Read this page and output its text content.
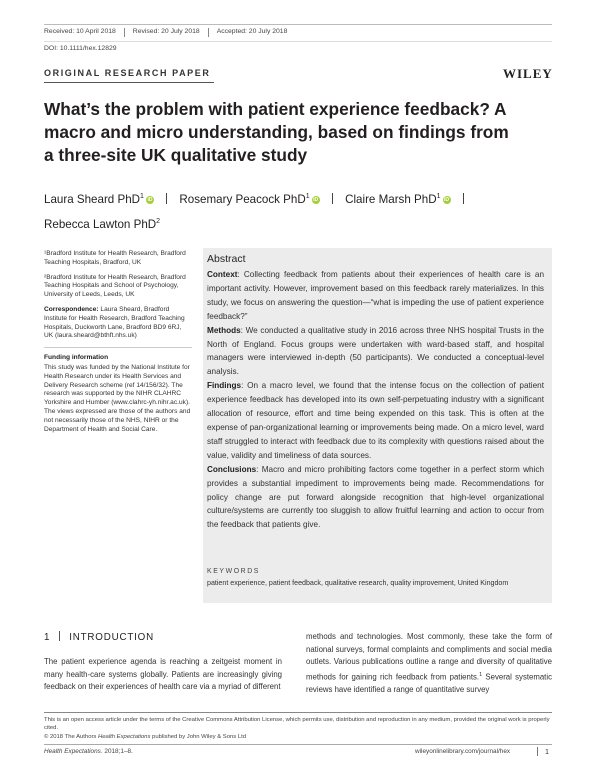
Received: 10 April 2018	Revised: 20 July 2018	Accepted: 20 July 2018
DOI: 10.1111/hex.12829
ORIGINAL RESEARCH PAPER	WILEY
What’s the problem with patient experience feedback? A macro and micro understanding, based on findings from a three-site UK qualitative study
Laura Sheard PhD$^1$ iD Rosemary Peacock PhD$^1$ iD Claire Marsh PhD$^1$ iD
Rebecca Lawton PhD$^2$

¹Bradford Institute for Health Research, Bradford Teaching Hospitals, Bradford, UK

²Bradford Institute for Health Research, Bradford Teaching Hospitals and School of Psychology, University of Leeds, Leeds, UK

Correspondence: Laura Sheard, Bradford Institute for Health Research, Bradford Teaching Hospitals, Duckworth Lane, Bradford BD9 6RJ, UK (laura.sheard@bthft.nhs.uk)

Funding information

This study was funded by the National Institute for Health Research under its Health Services and Delivery Research scheme (ref 14/156/32). The research was supported by the NIHR CLAHRC Yorkshire and Humber (www.clahrc-yh.nihr.ac.uk). The views expressed are those of the authors and not necessarily those of the NHS, NIHR or the Department of Health and Social Care.

Abstract

Context: Collecting feedback from patients about their experiences of health care is an important activity. However, improvement based on this feedback rarely materializes. In this study, we focus on answering the question—“what is impeding the use of patient experience feedback?”

Methods: We conducted a qualitative study in 2016 across three NHS hospital Trusts in the North of England. Focus groups were undertaken with ward-based staff, and hospital managers were interviewed in-depth (50 participants). We conducted a conceptual-level analysis.

Findings: On a macro level, we found that the intense focus on the collection of patient experience feedback has developed into its own self-perpetuating industry with a significant allocation of resource, effort and time being expended on this task. This is often at the expense of pan-organizational learning or improvements being made. On a micro level, ward staff struggled to interact with feedback due to its complexity with questions raised about the value, validity and timeliness of data sources.

Conclusions: Macro and micro prohibiting factors come together in a perfect storm which provides a substantial impediment to improvements being made. Recommendations for policy change are put forward alongside recognition that high-level organizational culture/systems are currently too sluggish to allow fruitful learning and action to occur from the feedback that patients give.

KEYWORDS
patient experience, patient feedback, qualitative research, quality improvement, United Kingdom
1 INTRODUCTION

The patient experience agenda is reaching a zeitgeist moment in many health-care systems globally. Patients are increasingly giving feedback on their experiences of health care via a myriad of different

methods and technologies. Most commonly, these take the form of national surveys, formal complaints and compliments and social media outlets. Various publications outline a range and diversity of qualitative methods for gaining rich feedback from patients.$^1$ Several systematic reviews have identified a range of quantitative survey

This is an open access article under the terms of the Creative Commons Attribution License, which permits use, distribution and reproduction in any medium, provided the original work is properly cited.
© 2018 The Authors Health Expectations published by John Wiley & Sons Ltd
Health Expectations. 2018;1–8.	wileyonlinelibrary.com/journal/hex	1
